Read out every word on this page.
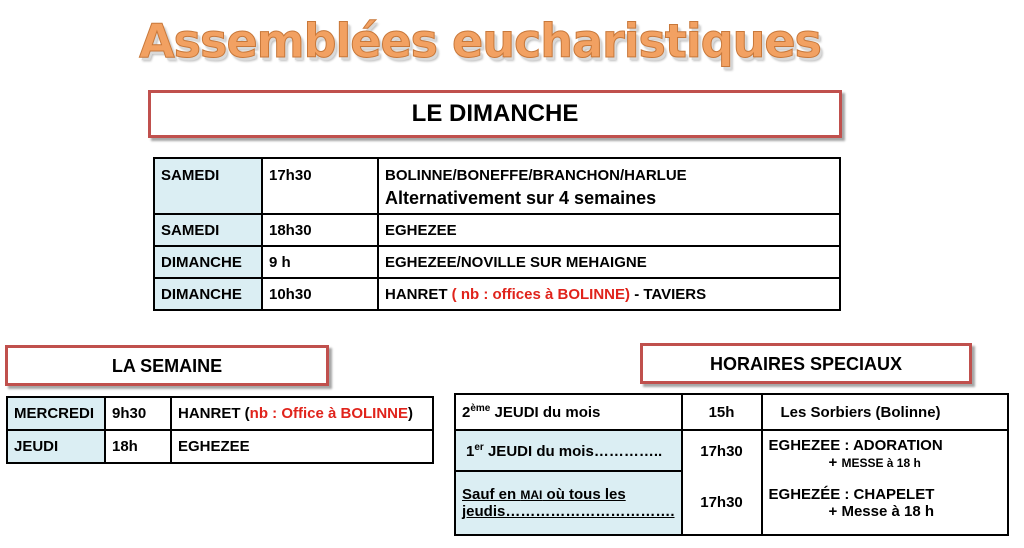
Assemblées eucharistiques
LE DIMANCHE
SAMEDI	17h30	BOLINNE/BONEFFE/BRANCHON/HARLUE
Alternativement sur 4 semaines

SAMEDI	18h30	EGHEZEE
DIMANCHE	9 h	EGHEZEE/NOVILLE SUR MEHAIGNE
DIMANCHE	10h30	HANRET ( nb : offices à BOLINNE) - TAVIERS
LA SEMAINE
MERCREDI	9h30	HANRET (nb : Office à BOLINNE)
JEUDI	18h	EGHEZEE
HORAIRES SPECIAUX
2ème JEUDI du mois	15h	Les Sorbiers (Bolinne)
1er JEUDI du mois…………..	17h30	EGHEZEE : ADORATION
+ MESSE à 18 h

Sauf en MAI où tous les
jeudis…………………………….	17h30	EGHEZÉE : CHAPELET
+ Messe à 18 h
